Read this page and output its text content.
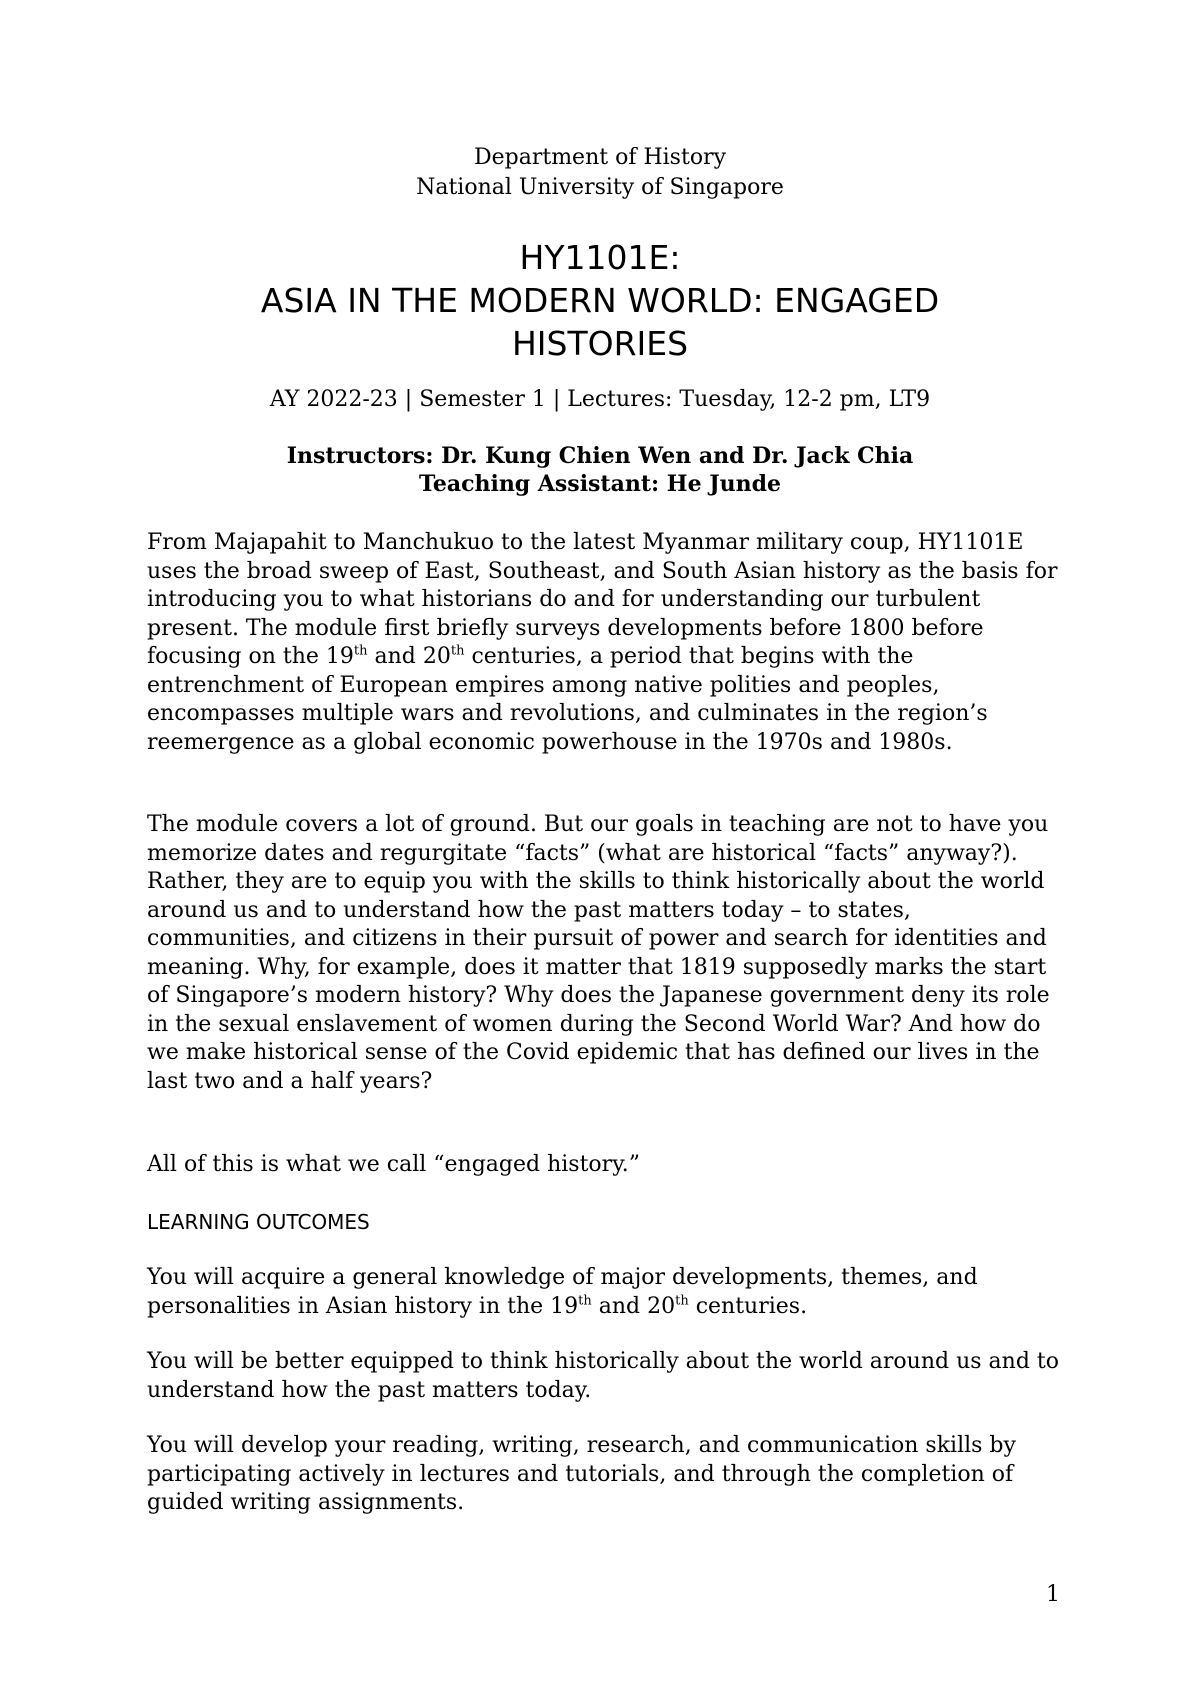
Department of History
National University of Singapore
HY1101E:
ASIA IN THE MODERN WORLD: ENGAGED
HISTORIES
AY 2022-23 | Semester 1 | Lectures: Tuesday, 12-2 pm, LT9
Instructors: Dr. Kung Chien Wen and Dr. Jack Chia
Teaching Assistant: He Junde

From Majapahit to Manchukuo to the latest Myanmar military coup, HY1101E uses the broad sweep of East, Southeast, and South Asian history as the basis for introducing you to what historians do and for understanding our turbulent present. The module first briefly surveys developments before 1800 before focusing on the 19th and 20th centuries, a period that begins with the entrenchment of European empires among native polities and peoples, encompasses multiple wars and revolutions, and culminates in the region’s reemergence as a global economic powerhouse in the 1970s and 1980s.

The module covers a lot of ground. But our goals in teaching are not to have you memorize dates and regurgitate “facts” (what are historical “facts” anyway?). Rather, they are to equip you with the skills to think historically about the world around us and to understand how the past matters today – to states, communities, and citizens in their pursuit of power and search for identities and meaning. Why, for example, does it matter that 1819 supposedly marks the start of Singapore’s modern history? Why does the Japanese government deny its role in the sexual enslavement of women during the Second World War? And how do we make historical sense of the Covid epidemic that has defined our lives in the last two and a half years?

All of this is what we call “engaged history.”

LEARNING OUTCOMES

You will acquire a general knowledge of major developments, themes, and personalities in Asian history in the 19th and 20th centuries.

You will be better equipped to think historically about the world around us and to understand how the past matters today.

You will develop your reading, writing, research, and communication skills by participating actively in lectures and tutorials, and through the completion of guided writing assignments.

1
